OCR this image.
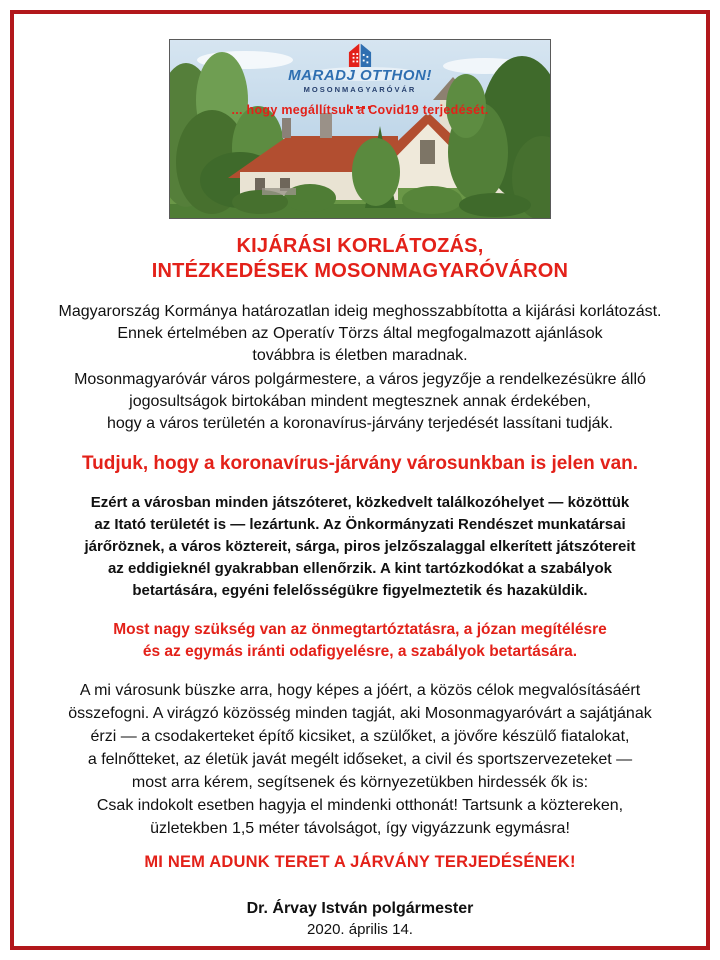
MARADJ OTTHON!
MOSONMAGYARÓVÁR
... hogy megállítsuk a Covid19 terjedését.
KIJÁRÁSI KORLÁTOZÁS,
INTÉZKEDÉSEK MOSONMAGYARÓVÁRON
Magyarország Kormánya határozatlan ideig meghosszabbította a kijárási korlátozást.
Ennek értelmében az Operatív Törzs által megfogalmazott ajánlások
továbbra is életben maradnak.
Mosonmagyaróvár város polgármestere, a város jegyzője a rendelkezésükre álló
jogosultságok birtokában mindent megtesznek annak érdekében,
hogy a város területén a koronavírus-járvány terjedését lassítani tudják.
Tudjuk, hogy a koronavírus-járvány városunkban is jelen van.
Ezért a városban minden játszóteret, közkedvelt találkozóhelyet — közöttük
az Itató területét is — lezártunk. Az Önkormányzati Rendészet munkatársai
járőröznek, a város köztereit, sárga, piros jelzőszalaggal elkerített játszótereit
az eddigieknél gyakrabban ellenőrzik. A kint tartózkodókat a szabályok
betartására, egyéni felelősségükre figyelmeztetik és hazaküldik.
Most nagy szükség van az önmegtartóztatásra, a józan megítélésre
és az egymás iránti odafigyelésre, a szabályok betartására.
A mi városunk büszke arra, hogy képes a jóért, a közös célok megvalósításáért
összefogni. A virágzó közösség minden tagját, aki Mosonmagyaróvárt a sajátjának
érzi — a csodakerteket építő kicsiket, a szülőket, a jövőre készülő fiatalokat,
a felnőtteket, az életük javát megélt időseket, a civil és sportszervezeteket —
most arra kérem, segítsenek és környezetükben hirdessék ők is:
Csak indokolt esetben hagyja el mindenki otthonát! Tartsunk a köztereken,
üzletekben 1,5 méter távolságot, így vigyázzunk egymásra!
MI NEM ADUNK TERET A JÁRVÁNY TERJEDÉSÉNEK!
Dr. Árvay István polgármester
2020. április 14.
